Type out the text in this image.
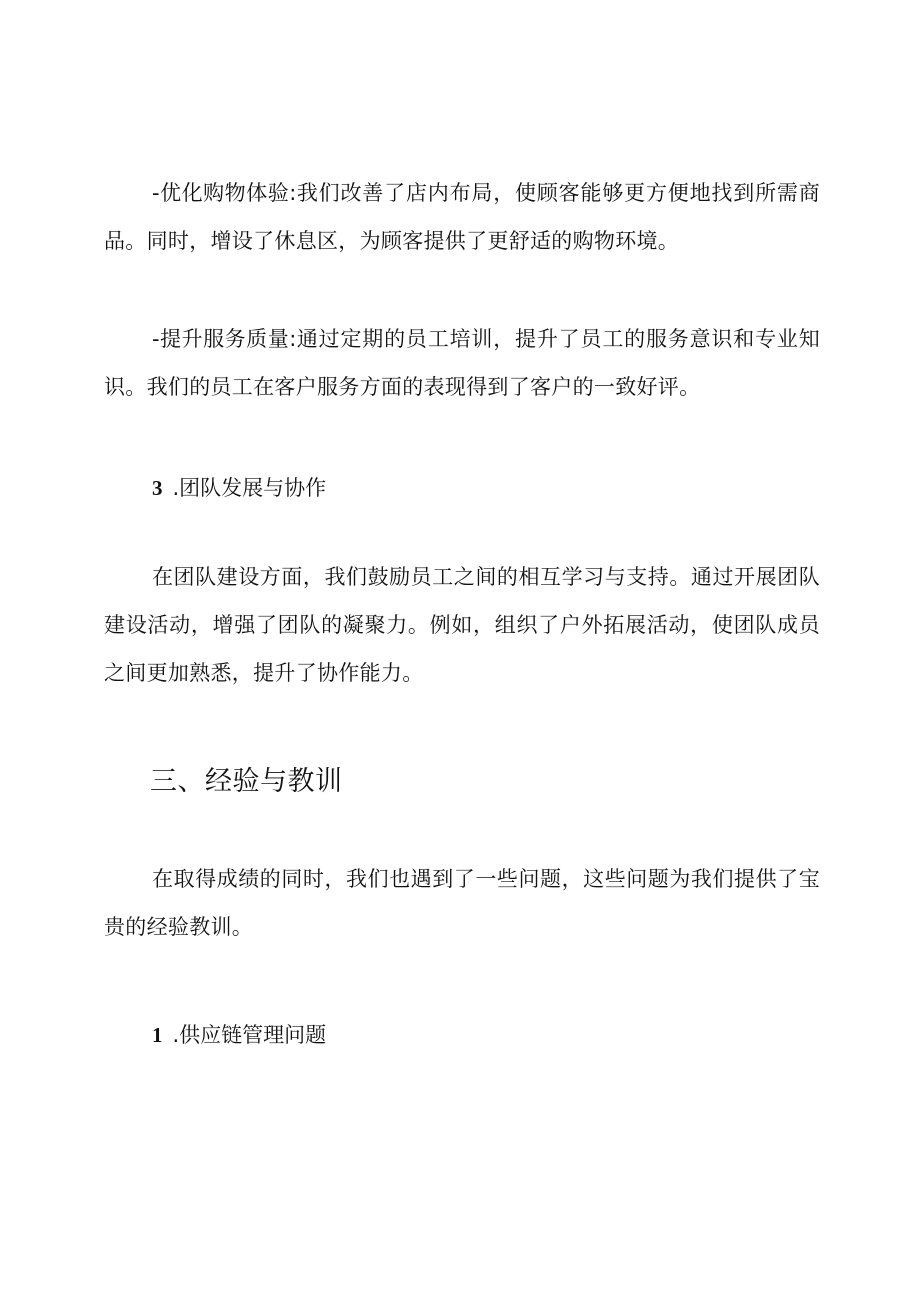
-优化购物体验:我们改善了店内布局，使顾客能够更方便地找到所需商品。同时，增设了休息区，为顾客提供了更舒适的购物环境。

-提升服务质量:通过定期的员工培训，提升了员工的服务意识和专业知识。我们的员工在客户服务方面的表现得到了客户的一致好评。

3 .团队发展与协作

在团队建设方面，我们鼓励员工之间的相互学习与支持。通过开展团队建设活动，增强了团队的凝聚力。例如，组织了户外拓展活动，使团队成员之间更加熟悉，提升了协作能力。

三、经验与教训

在取得成绩的同时，我们也遇到了一些问题，这些问题为我们提供了宝贵的经验教训。

1 .供应链管理问题
